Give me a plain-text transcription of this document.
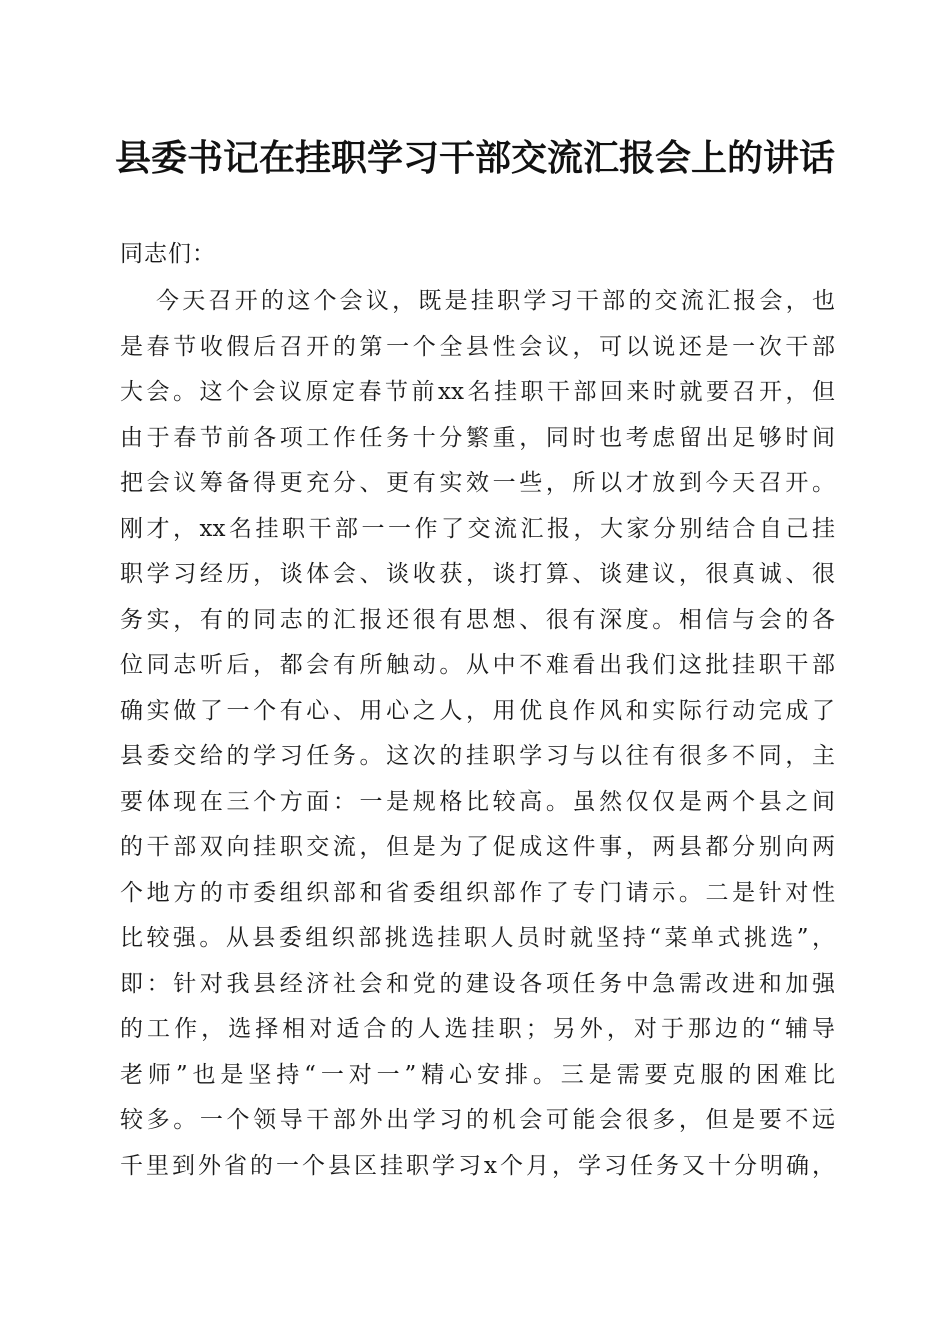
县委书记在挂职学习干部交流汇报会上的讲话
同志们：
今天召开的这个会议，既是挂职学习干部的交流汇报会，也
是春节收假后召开的第一个全县性会议，可以说还是一次干部
大会。这个会议原定春节前xx名挂职干部回来时就要召开，但
由于春节前各项工作任务十分繁重，同时也考虑留出足够时间
把会议筹备得更充分、更有实效一些，所以才放到今天召开。
刚才，xx名挂职干部一一作了交流汇报，大家分别结合自己挂
职学习经历，谈体会、谈收获，谈打算、谈建议，很真诚、很
务实，有的同志的汇报还很有思想、很有深度。相信与会的各
位同志听后，都会有所触动。从中不难看出我们这批挂职干部
确实做了一个有心、用心之人，用优良作风和实际行动完成了
县委交给的学习任务。这次的挂职学习与以往有很多不同，主
要体现在三个方面：一是规格比较高。虽然仅仅是两个县之间
的干部双向挂职交流，但是为了促成这件事，两县都分别向两
个地方的市委组织部和省委组织部作了专门请示。二是针对性
比较强。从县委组织部挑选挂职人员时就坚持“菜单式挑选”，
即：针对我县经济社会和党的建设各项任务中急需改进和加强
的工作，选择相对适合的人选挂职；另外，对于那边的“辅导
老师”也是坚持“一对一”精心安排。三是需要克服的困难比
较多。一个领导干部外出学习的机会可能会很多，但是要不远
千里到外省的一个县区挂职学习x个月，学习任务又十分明确，
